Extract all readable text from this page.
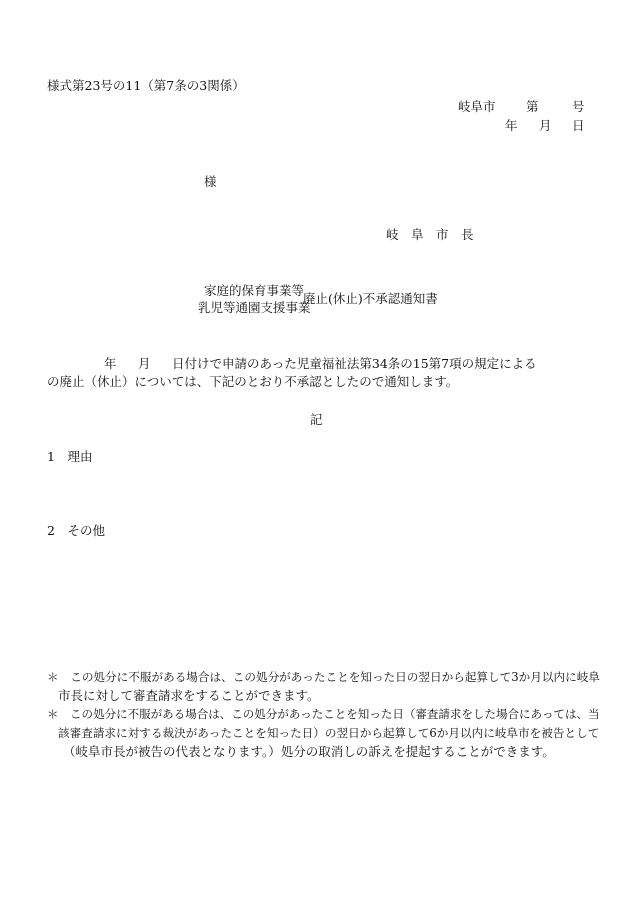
様式第23号の11（第7条の3関係）
岐阜市 第	号
年 月 日
様
岐　阜　市　長
家庭的保育事業等
乳児等通園支援事業
廃止(休止)不承認通知書
年 月 日付けで申請のあった児童福祉法第34条の15第7項の規定による
の廃止（休止）については、下記のとおり不承認としたので通知します。
記
1　理由
2　その他
＊　この処分に不服がある場合は、この処分があったことを知った日の翌日から起算して3か月以内に岐阜
市長に対して審査請求をすることができます。
＊　この処分に不服がある場合は、この処分があったことを知った日（審査請求をした場合にあっては、当
該審査請求に対する裁決があったことを知った日）の翌日から起算して6か月以内に岐阜市を被告として
（岐阜市長が被告の代表となります。）処分の取消しの訴えを提起することができます。
